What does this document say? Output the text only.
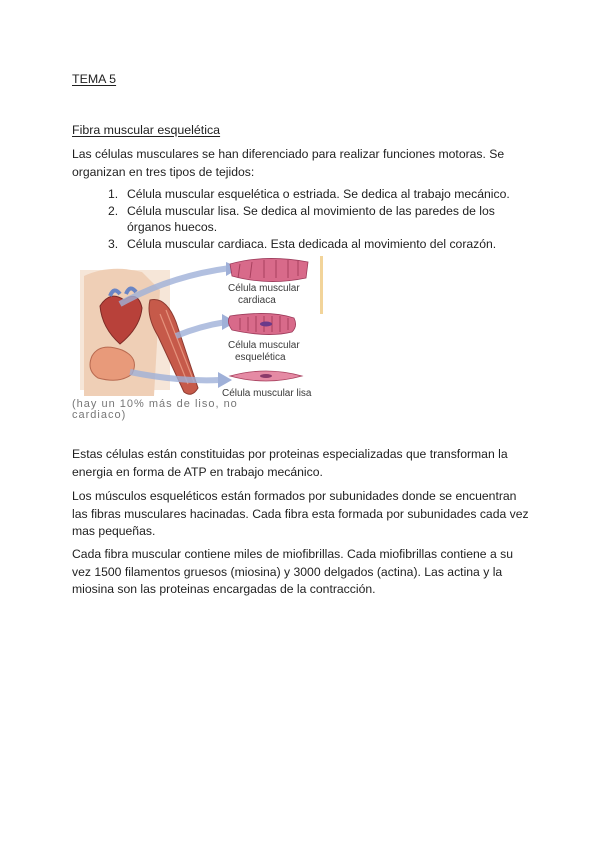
TEMA 5

Fibra muscular esquelética

Las células musculares se han diferenciado para realizar funciones motoras. Se organizan en tres tipos de tejidos:

1. Célula muscular esquelética o estriada. Se dedica al trabajo mecánico.
2. Célula muscular lisa. Se dedica al movimiento de las paredes de los órganos huecos.
3. Célula muscular cardiaca. Esta dedicada al movimiento del corazón.
Célula muscular
cardiaca
Célula muscular
esquelética
Célula muscular lisa
(hay un 10% más de liso, no cardiaco)

Estas células están constituidas por proteinas especializadas que transforman la energia en forma de ATP en trabajo mecánico.

Los músculos esqueléticos están formados por subunidades donde se encuentran las fibras musculares hacinadas. Cada fibra esta formada por subunidades cada vez mas pequeñas.

Cada fibra muscular contiene miles de miofibrillas. Cada miofibrillas contiene a su vez 1500 filamentos gruesos (miosina) y 3000 delgados (actina). Las actina y la miosina son las proteinas encargadas de la contracción.
